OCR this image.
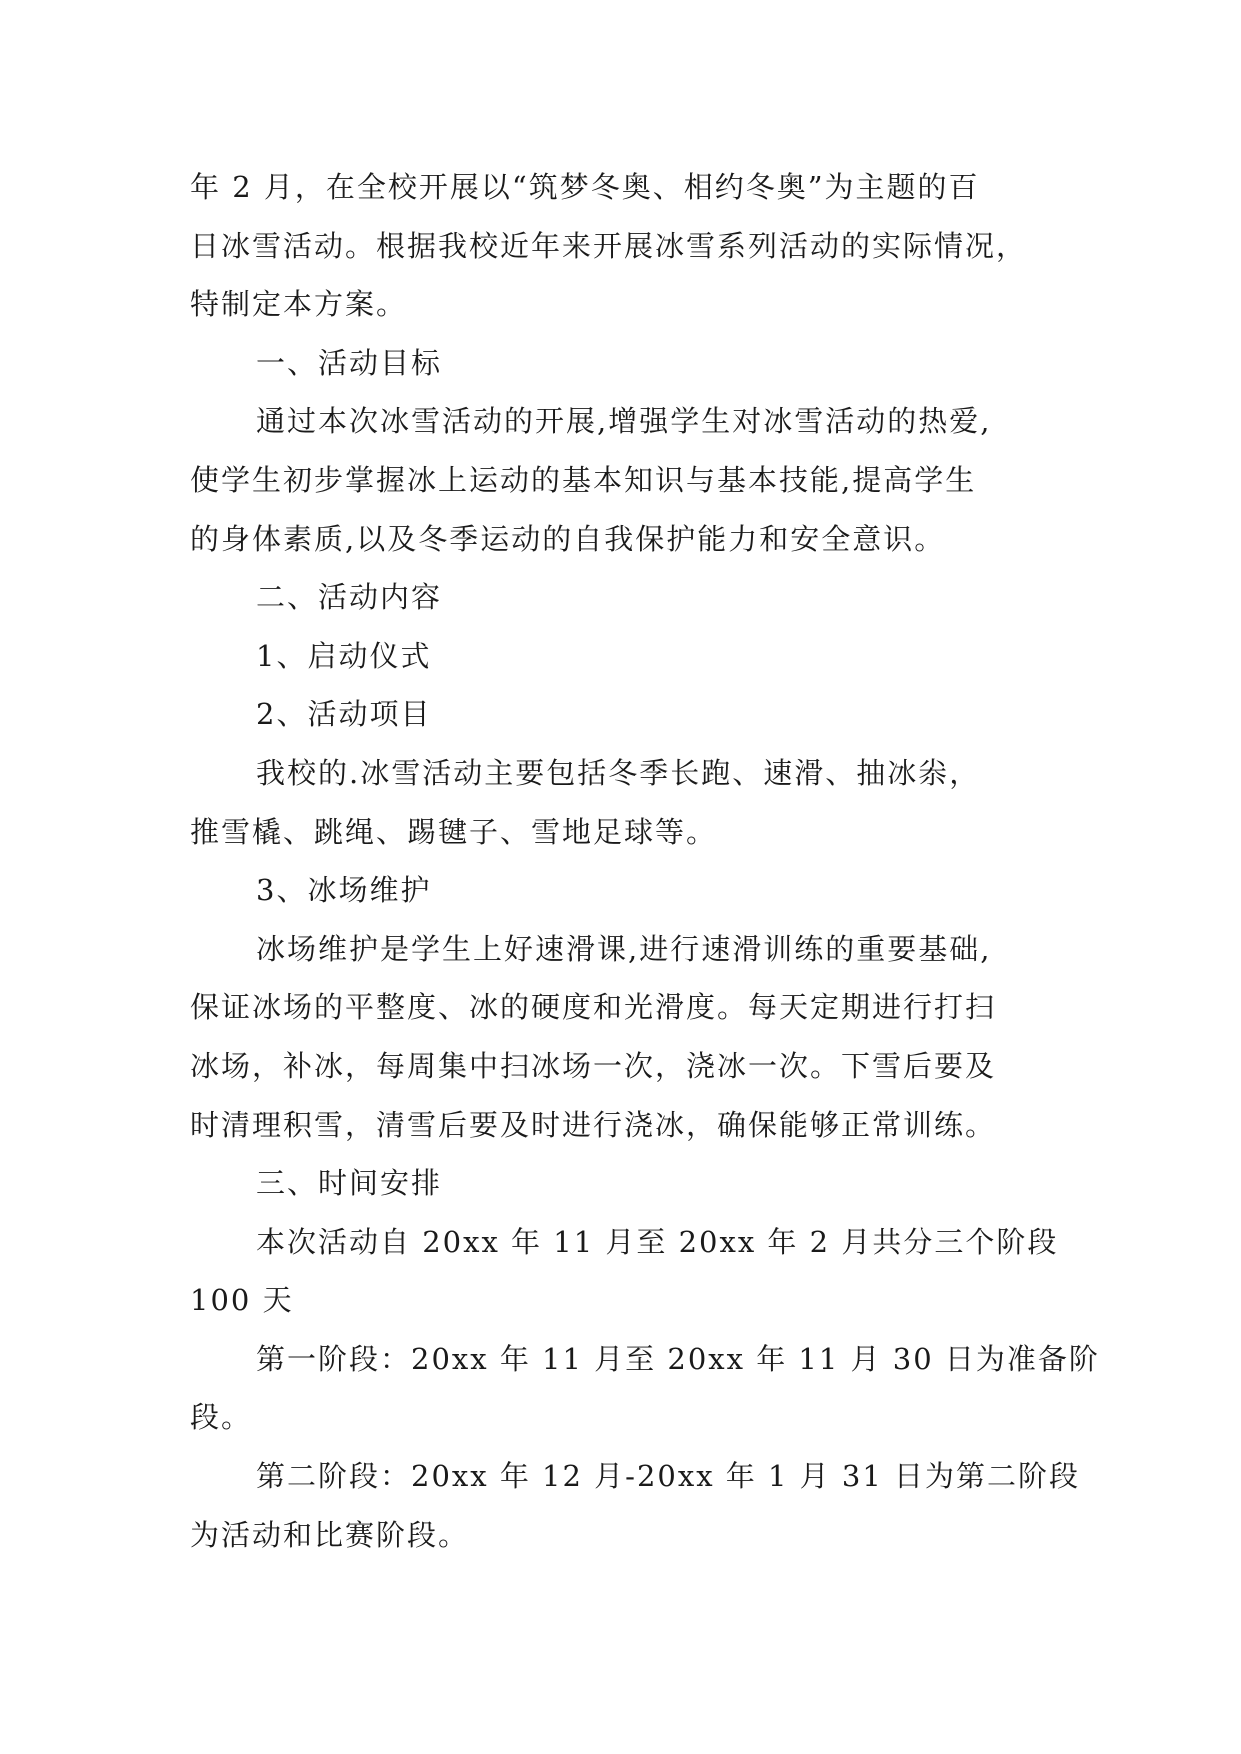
年 2 月，在全校开展以“筑梦冬奥、相约冬奥”为主题的百

日冰雪活动。根据我校近年来开展冰雪系列活动的实际情况，

特制定本方案。

一、活动目标

通过本次冰雪活动的开展,增强学生对冰雪活动的热爱,

使学生初步掌握冰上运动的基本知识与基本技能,提高学生

的身体素质,以及冬季运动的自我保护能力和安全意识。

二、活动内容

1、启动仪式

2、活动项目

我校的.冰雪活动主要包括冬季长跑、速滑、抽冰尜，

推雪橇、跳绳、踢毽子、雪地足球等。

3、冰场维护

冰场维护是学生上好速滑课,进行速滑训练的重要基础,

保证冰场的平整度、冰的硬度和光滑度。每天定期进行打扫

冰场，补冰，每周集中扫冰场一次，浇冰一次。下雪后要及

时清理积雪，清雪后要及时进行浇冰，确保能够正常训练。

三、时间安排

本次活动自 20xx 年 11 月至 20xx 年 2 月共分三个阶段

100 天

第一阶段：20xx 年 11 月至 20xx 年 11 月 30 日为准备阶

段。

第二阶段：20xx 年 12 月-20xx 年 1 月 31 日为第二阶段

为活动和比赛阶段。
